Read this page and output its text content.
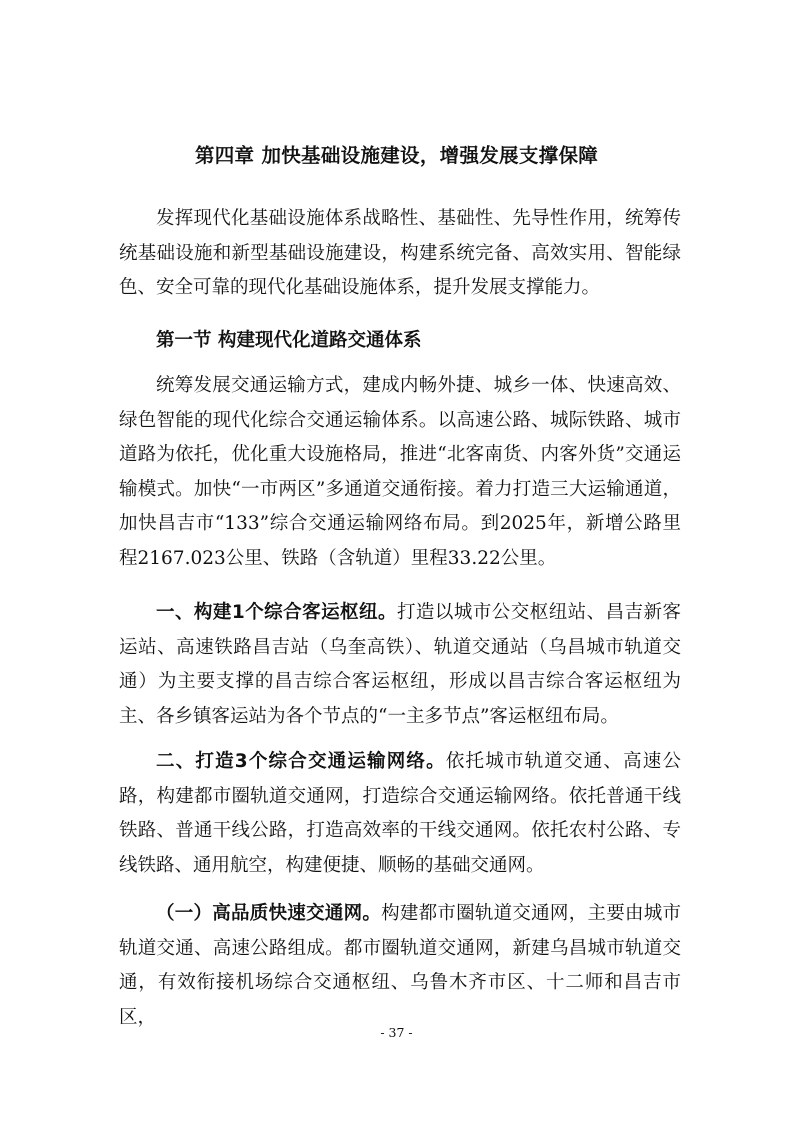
第四章 加快基础设施建设，增强发展支撑保障

发挥现代化基础设施体系战略性、基础性、先导性作用，统筹传统基础设施和新型基础设施建设，构建系统完备、高效实用、智能绿色、安全可靠的现代化基础设施体系，提升发展支撑能力。

第一节 构建现代化道路交通体系

统筹发展交通运输方式，建成内畅外捷、城乡一体、快速高效、绿色智能的现代化综合交通运输体系。以高速公路、城际铁路、城市道路为依托，优化重大设施格局，推进“北客南货、内客外货”交通运输模式。加快“一市两区”多通道交通衔接。着力打造三大运输通道，加快昌吉市“133”综合交通运输网络布局。到2025年，新增公路里程2167.023公里、铁路（含轨道）里程33.22公里。

一、构建1个综合客运枢纽。打造以城市公交枢纽站、昌吉新客运站、高速铁路昌吉站（乌奎高铁）、轨道交通站（乌昌城市轨道交通）为主要支撑的昌吉综合客运枢纽，形成以昌吉综合客运枢纽为主、各乡镇客运站为各个节点的“一主多节点”客运枢纽布局。

二、打造3个综合交通运输网络。依托城市轨道交通、高速公路，构建都市圈轨道交通网，打造综合交通运输网络。依托普通干线铁路、普通干线公路，打造高效率的干线交通网。依托农村公路、专线铁路、通用航空，构建便捷、顺畅的基础交通网。

（一）高品质快速交通网。构建都市圈轨道交通网，主要由城市轨道交通、高速公路组成。都市圈轨道交通网，新建乌昌城市轨道交通，有效衔接机场综合交通枢纽、乌鲁木齐市区、十二师和昌吉市区，

- 37 -
